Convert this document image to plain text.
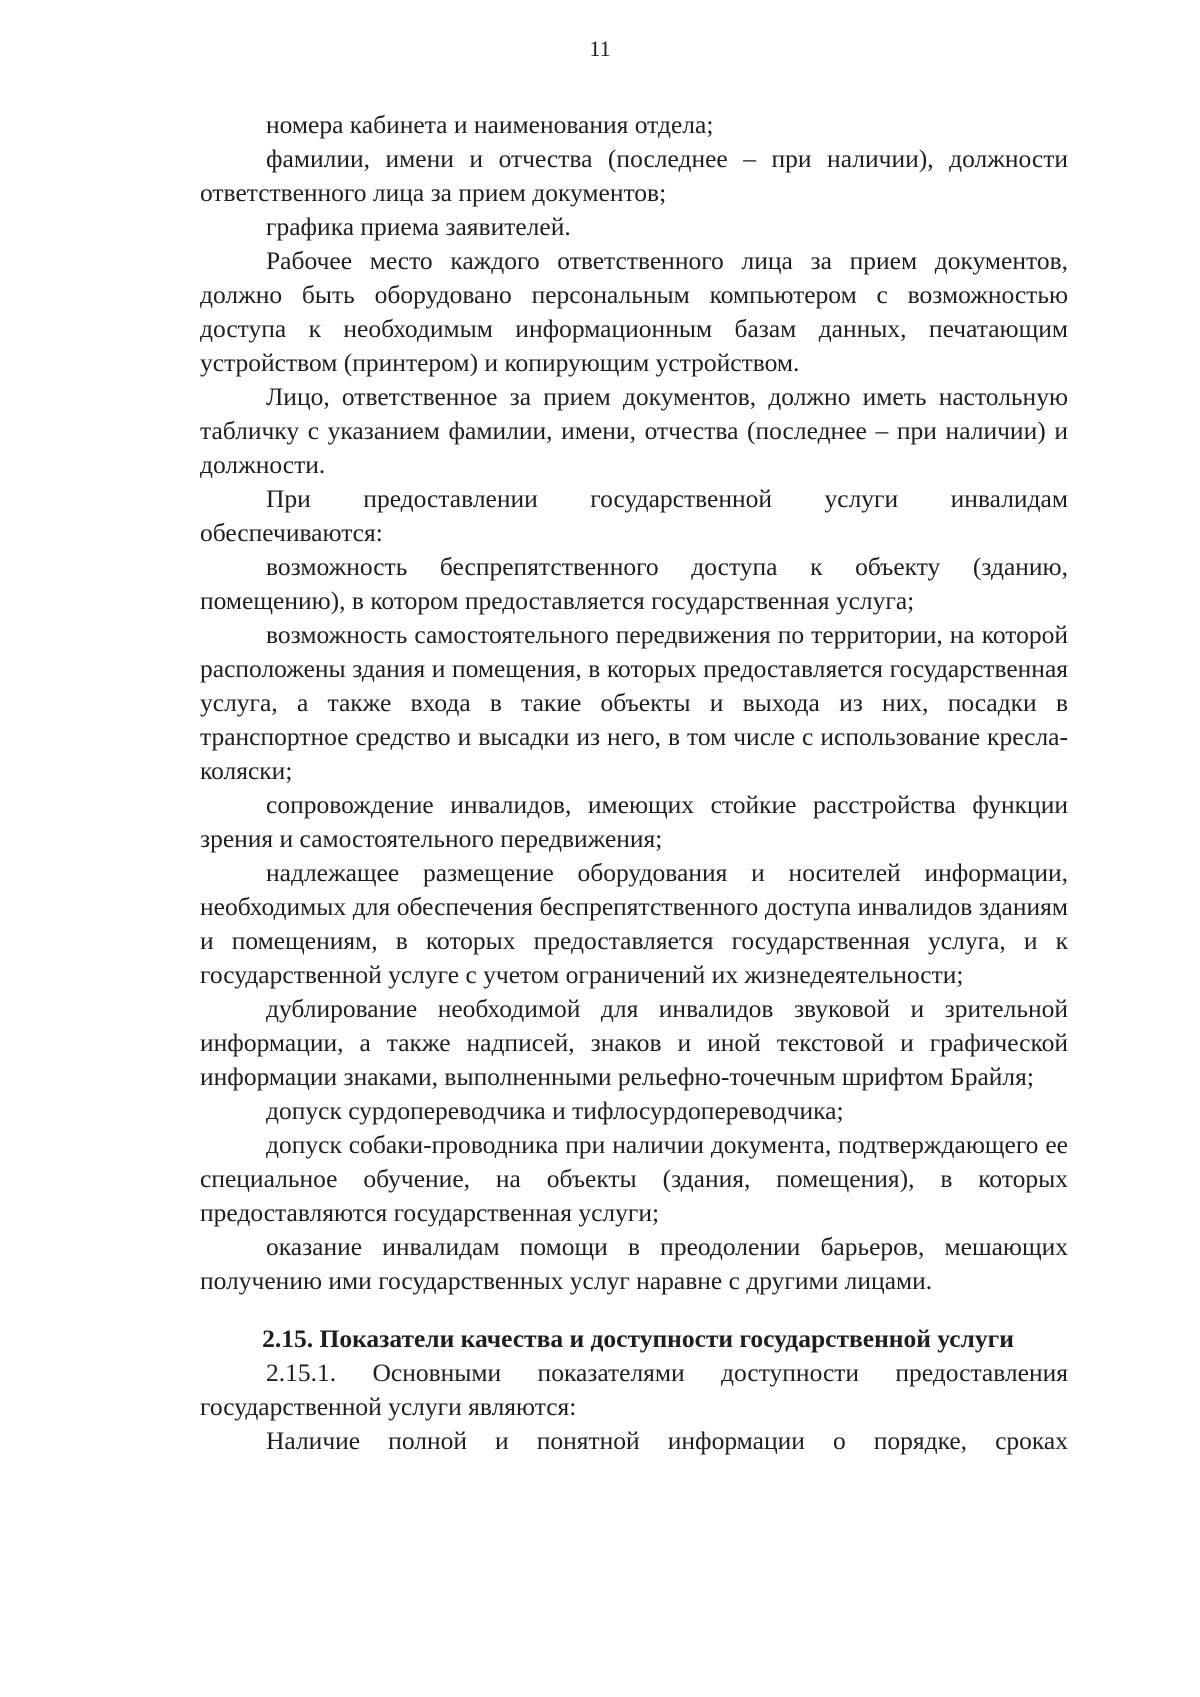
11

номера кабинета и наименования отдела;

фамилии, имени и отчества (последнее – при наличии), должности ответственного лица за прием документов;

графика приема заявителей.

Рабочее место каждого ответственного лица за прием документов, должно быть оборудовано персональным компьютером с возможностью доступа к необходимым информационным базам данных, печатающим устройством (принтером) и копирующим устройством.

Лицо, ответственное за прием документов, должно иметь настольную табличку с указанием фамилии, имени, отчества (последнее – при наличии) и должности.

При предоставлении государственной услуги инвалидам обеспечиваются:

возможность беспрепятственного доступа к объекту (зданию, помещению), в котором предоставляется государственная услуга;

возможность самостоятельного передвижения по территории, на которой расположены здания и помещения, в которых предоставляется государственная услуга, а также входа в такие объекты и выхода из них, посадки в транспортное средство и высадки из него, в том числе с использование кресла-коляски;

сопровождение инвалидов, имеющих стойкие расстройства функции зрения и самостоятельного передвижения;

надлежащее размещение оборудования и носителей информации, необходимых для обеспечения беспрепятственного доступа инвалидов зданиям и помещениям, в которых предоставляется государственная услуга, и к государственной услуге с учетом ограничений их жизнедеятельности;

дублирование необходимой для инвалидов звуковой и зрительной информации, а также надписей, знаков и иной текстовой и графической информации знаками, выполненными рельефно-точечным шрифтом Брайля;

допуск сурдопереводчика и тифлосурдопереводчика;

допуск собаки-проводника при наличии документа, подтверждающего ее специальное обучение, на объекты (здания, помещения), в которых предоставляются государственная услуги;

оказание инвалидам помощи в преодолении барьеров, мешающих получению ими государственных услуг наравне с другими лицами.

2.15. Показатели качества и доступности государственной услуги

2.15.1. Основными показателями доступности предоставления государственной услуги являются:

Наличие полной и понятной информации о порядке, сроках
